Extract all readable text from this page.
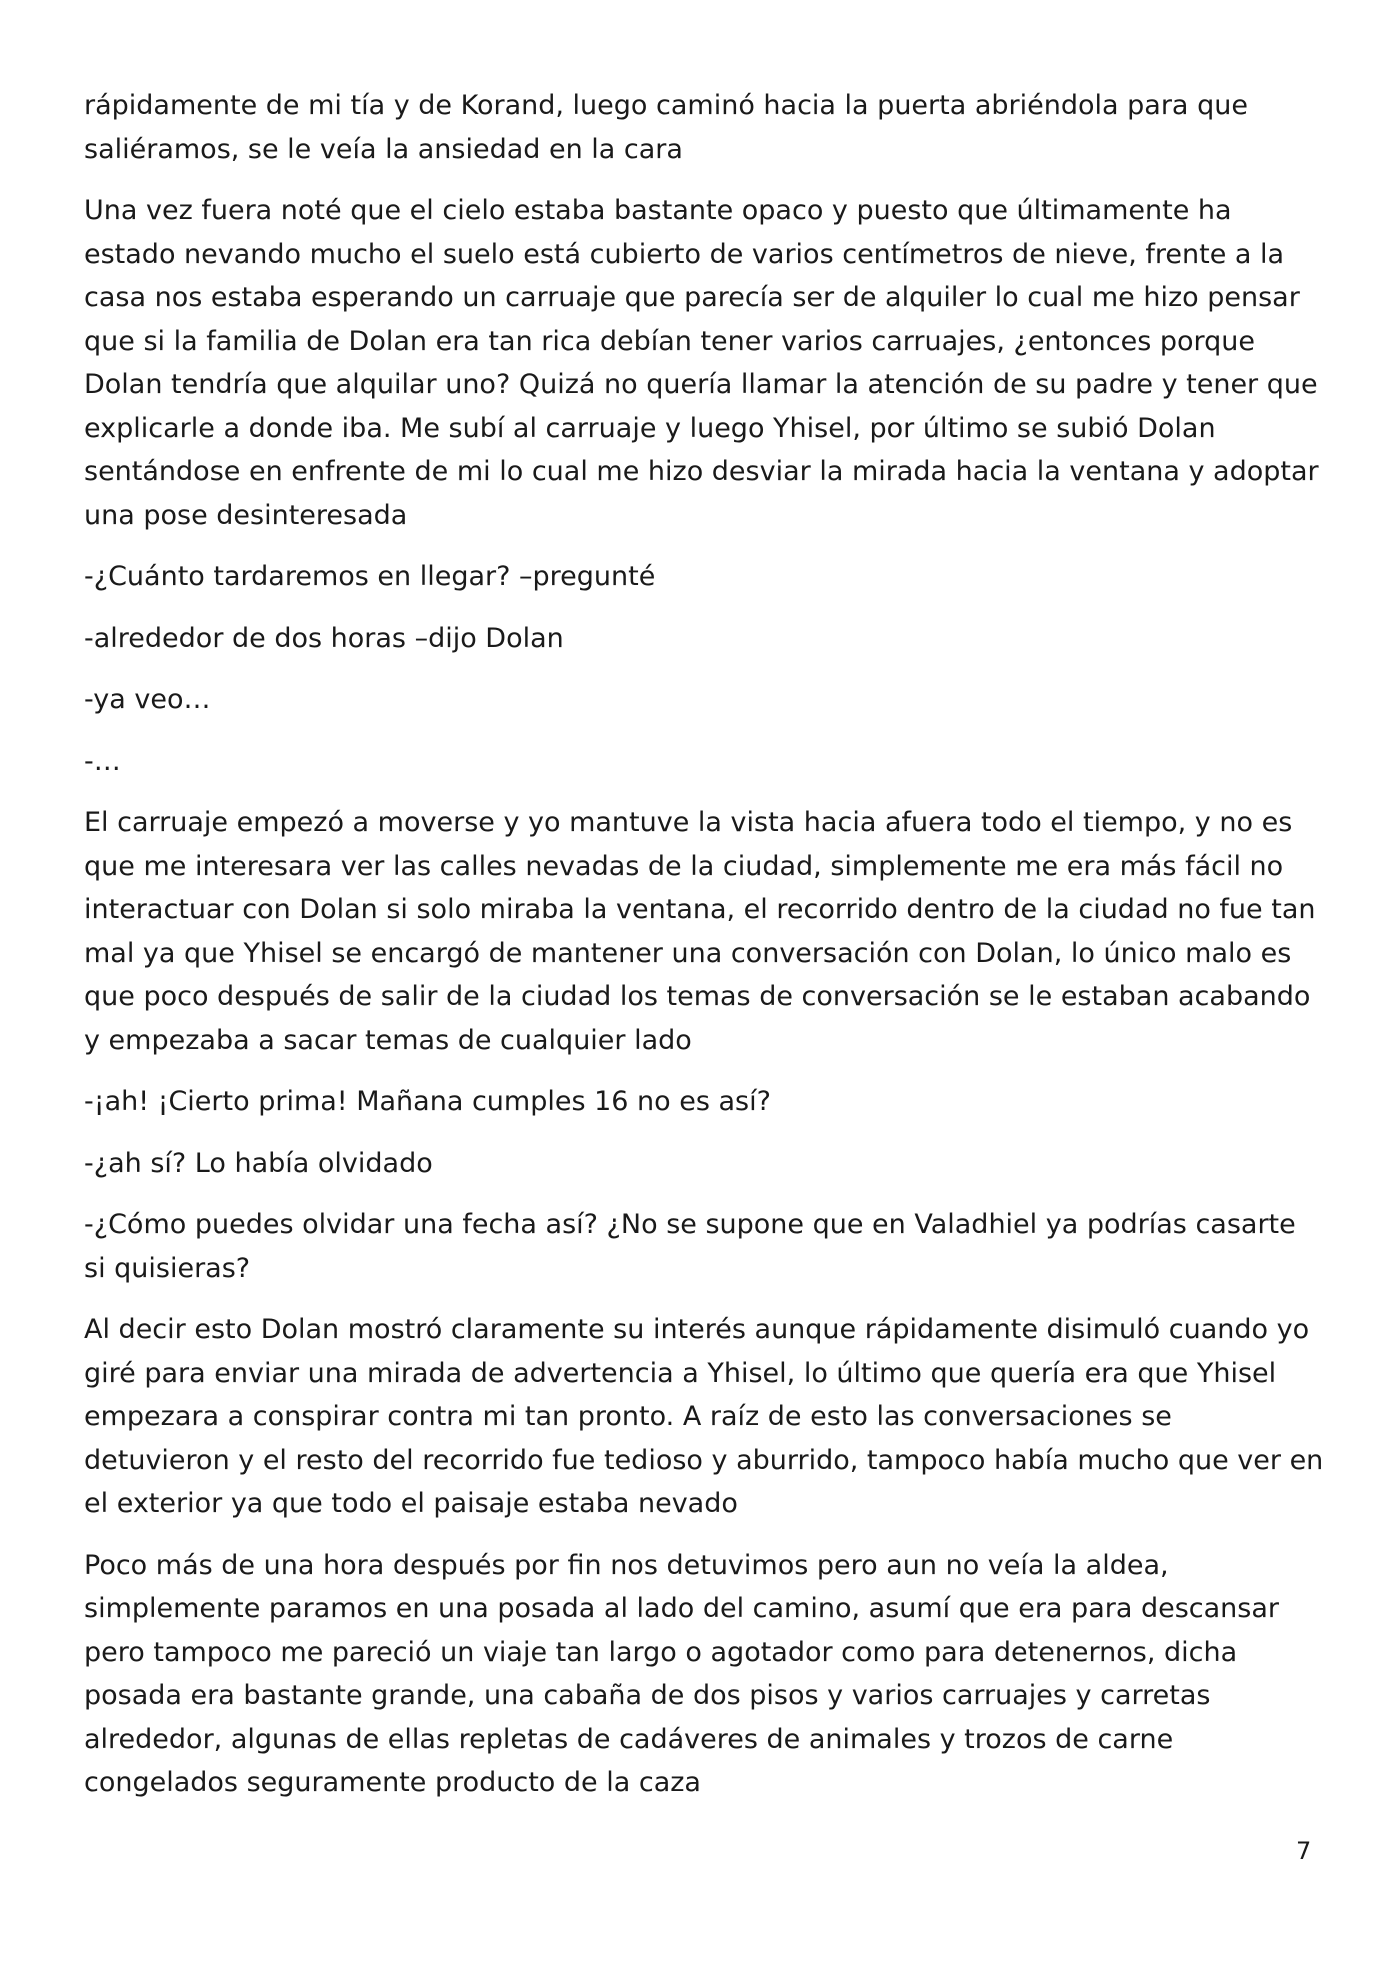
rápidamente de mi tía y de Korand, luego caminó hacia la puerta abriéndola para que saliéramos, se le veía la ansiedad en la cara

Una vez fuera noté que el cielo estaba bastante opaco y puesto que últimamente ha estado nevando mucho el suelo está cubierto de varios centímetros de nieve, frente a la casa nos estaba esperando un carruaje que parecía ser de alquiler lo cual me hizo pensar que si la familia de Dolan era tan rica debían tener varios carruajes, ¿entonces porque Dolan tendría que alquilar uno? Quizá no quería llamar la atención de su padre y tener que explicarle a donde iba. Me subí al carruaje y luego Yhisel, por último se subió Dolan sentándose en enfrente de mi lo cual me hizo desviar la mirada hacia la ventana y adoptar una pose desinteresada

-¿Cuánto tardaremos en llegar? –pregunté

-alrededor de dos horas –dijo Dolan

-ya veo…

-…

El carruaje empezó a moverse y yo mantuve la vista hacia afuera todo el tiempo, y no es que me interesara ver las calles nevadas de la ciudad, simplemente me era más fácil no interactuar con Dolan si solo miraba la ventana, el recorrido dentro de la ciudad no fue tan mal ya que Yhisel se encargó de mantener una conversación con Dolan, lo único malo es que poco después de salir de la ciudad los temas de conversación se le estaban acabando y empezaba a sacar temas de cualquier lado

-¡ah! ¡Cierto prima! Mañana cumples 16 no es así?

-¿ah sí? Lo había olvidado

-¿Cómo puedes olvidar una fecha así? ¿No se supone que en Valadhiel ya podrías casarte si quisieras?

Al decir esto Dolan mostró claramente su interés aunque rápidamente disimuló cuando yo giré para enviar una mirada de advertencia a Yhisel, lo último que quería era que Yhisel empezara a conspirar contra mi tan pronto. A raíz de esto las conversaciones se detuvieron y el resto del recorrido fue tedioso y aburrido, tampoco había mucho que ver en el exterior ya que todo el paisaje estaba nevado

Poco más de una hora después por fin nos detuvimos pero aun no veía la aldea, simplemente paramos en una posada al lado del camino, asumí que era para descansar pero tampoco me pareció un viaje tan largo o agotador como para detenernos, dicha posada era bastante grande, una cabaña de dos pisos y varios carruajes y carretas alrededor, algunas de ellas repletas de cadáveres de animales y trozos de carne congelados seguramente producto de la caza

7
